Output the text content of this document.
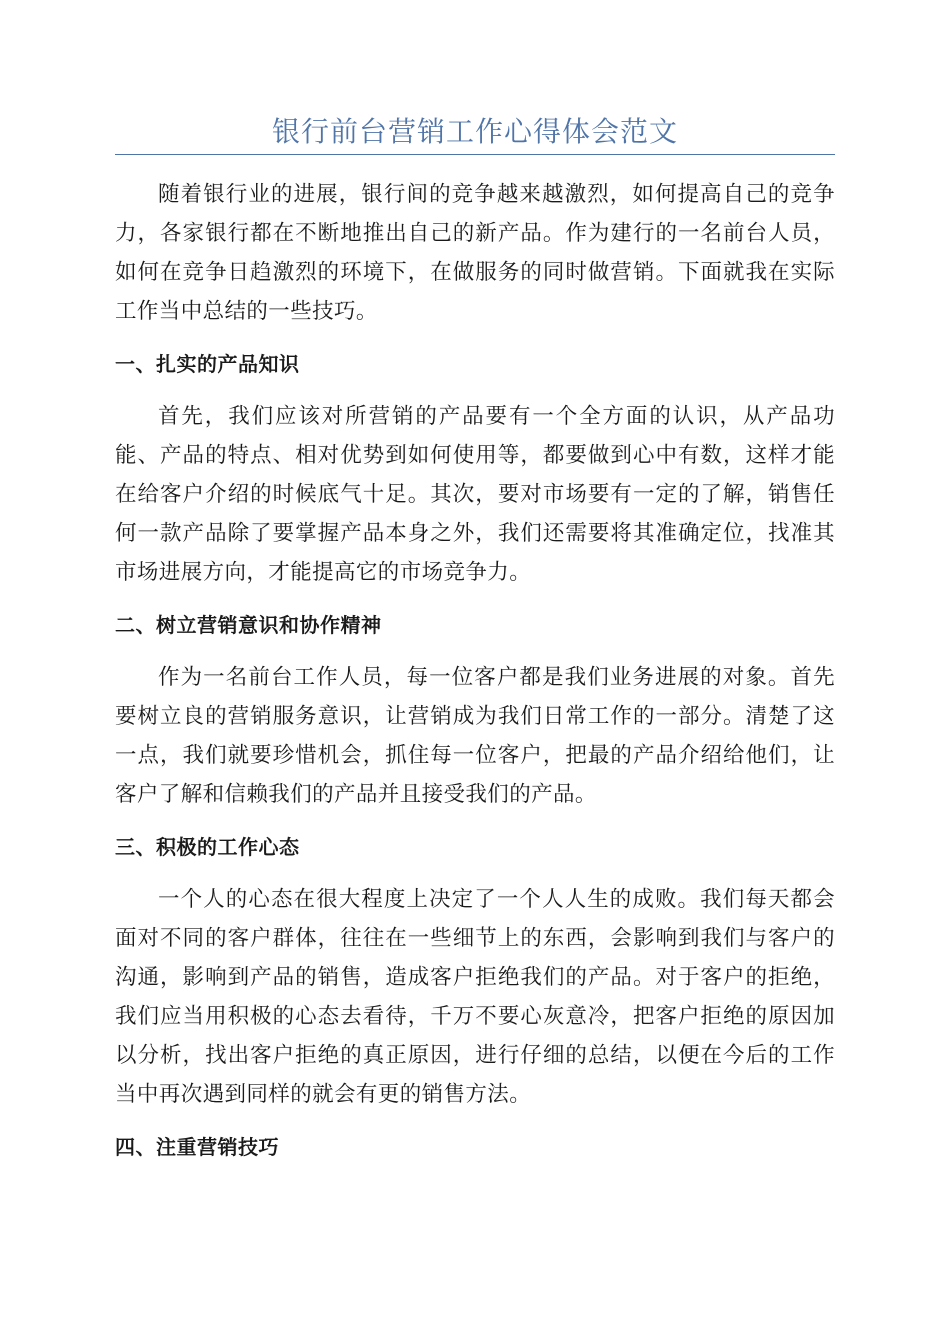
银行前台营销工作心得体会范文

随着银行业的进展，银行间的竞争越来越激烈，如何提高自己的竞争力，各家银行都在不断地推出自己的新产品。作为建行的一名前台人员，如何在竞争日趋激烈的环境下，在做服务的同时做营销。下面就我在实际工作当中总结的一些技巧。

一、扎实的产品知识

首先，我们应该对所营销的产品要有一个全方面的认识，从产品功能、产品的特点、相对优势到如何使用等，都要做到心中有数，这样才能在给客户介绍的时候底气十足。其次，要对市场要有一定的了解，销售任何一款产品除了要掌握产品本身之外，我们还需要将其准确定位，找准其市场进展方向，才能提高它的市场竞争力。

二、树立营销意识和协作精神

作为一名前台工作人员，每一位客户都是我们业务进展的对象。首先要树立良的营销服务意识，让营销成为我们日常工作的一部分。清楚了这一点，我们就要珍惜机会，抓住每一位客户，把最的产品介绍给他们，让客户了解和信赖我们的产品并且接受我们的产品。

三、积极的工作心态

一个人的心态在很大程度上决定了一个人人生的成败。我们每天都会面对不同的客户群体，往往在一些细节上的东西，会影响到我们与客户的沟通，影响到产品的销售，造成客户拒绝我们的产品。对于客户的拒绝，我们应当用积极的心态去看待，千万不要心灰意冷，把客户拒绝的原因加以分析，找出客户拒绝的真正原因，进行仔细的总结，以便在今后的工作当中再次遇到同样的就会有更的销售方法。

四、注重营销技巧
